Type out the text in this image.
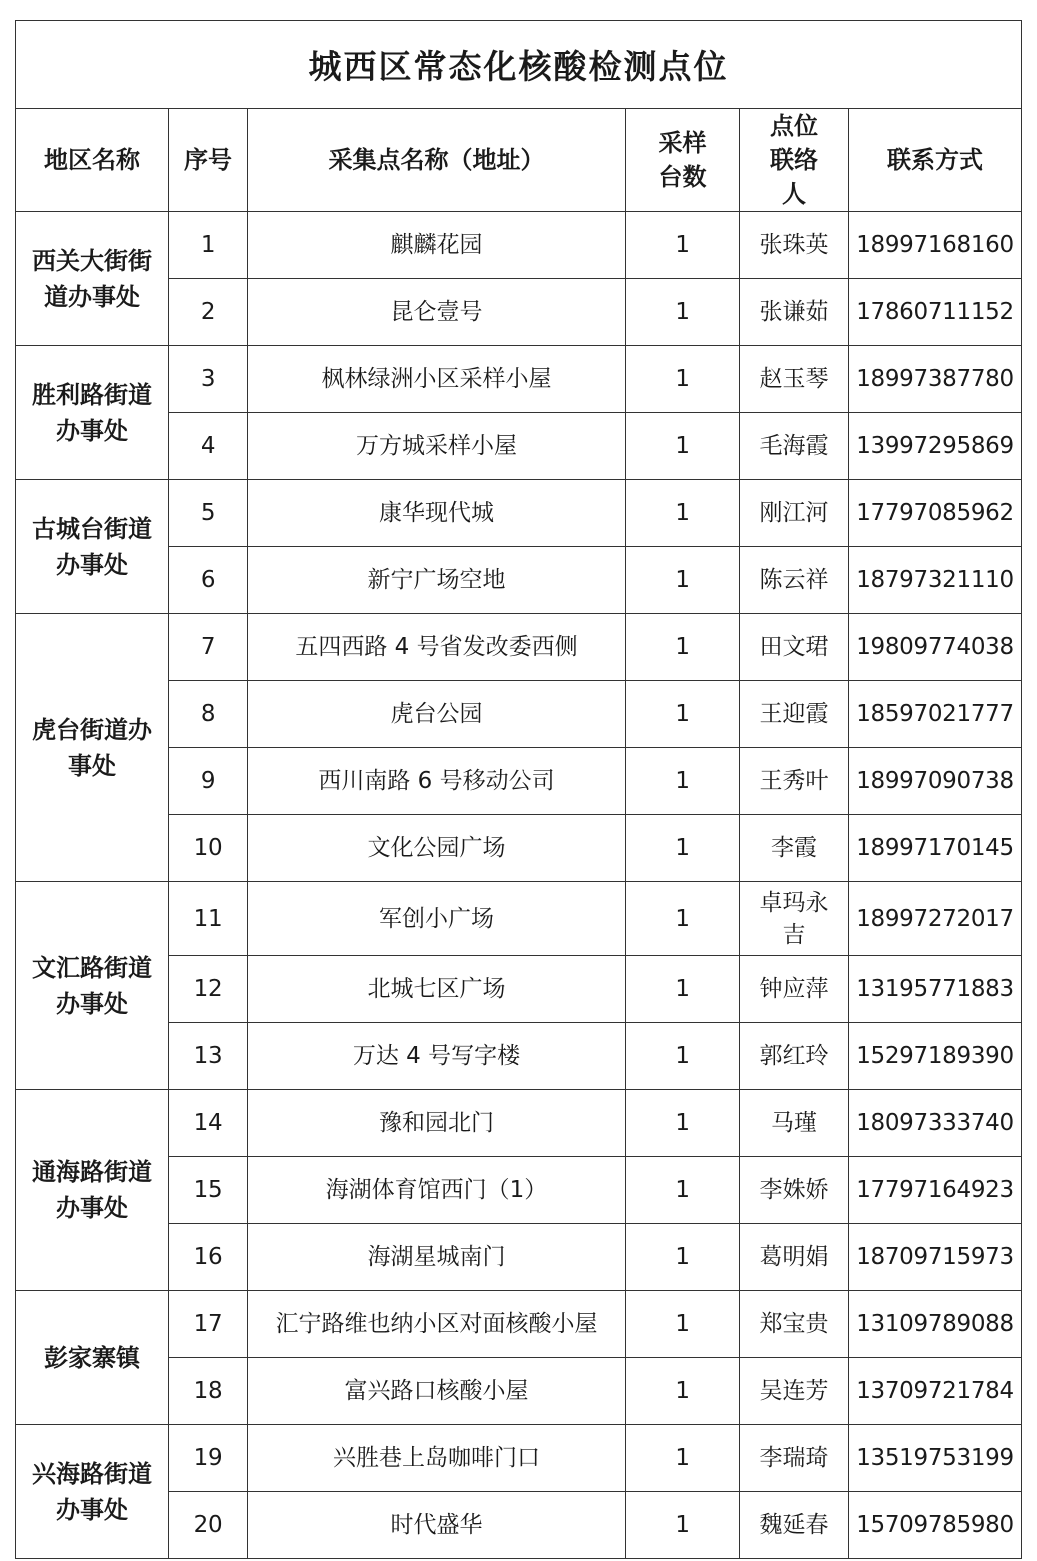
城西区常态化核酸检测点位					
地区名称	序号	采集点名称（地址）	采样台数	点位联络人	联系方式

西关大街街道办事处	1	麒麟花园	1	张珠英	18997168160
	2	昆仑壹号	1	张谦茹	17860711152

胜利路街道办事处	3	枫林绿洲小区采样小屋	1	赵玉琴	18997387780
	4	万方城采样小屋	1	毛海霞	13997295869

古城台街道办事处	5	康华现代城	1	刚江河	17797085962
	6	新宁广场空地	1	陈云祥	18797321110

虎台街道办事处	7	五四西路 4 号省发改委西侧	1	田文珺	19809774038
	8	虎台公园	1	王迎霞	18597021777
	9	西川南路 6 号移动公司	1	王秀叶	18997090738
	10	文化公园广场	1	李霞	18997170145

文汇路街道办事处	11	军创小广场	1	卓玛永吉	18997272017
	12	北城七区广场	1	钟应萍	13195771883
	13	万达 4 号写字楼	1	郭红玲	15297189390

通海路街道办事处	14	豫和园北门	1	马瑾	18097333740
	15	海湖体育馆西门（1）	1	李姝娇	17797164923
	16	海湖星城南门	1	葛明娟	18709715973

彭家寨镇	17	汇宁路维也纳小区对面核酸小屋	1	郑宝贵	13109789088
	18	富兴路口核酸小屋	1	吴连芳	13709721784

兴海路街道办事处	19	兴胜巷上岛咖啡门口	1	李瑞琦	13519753199
	20	时代盛华	1	魏延春	15709785980
